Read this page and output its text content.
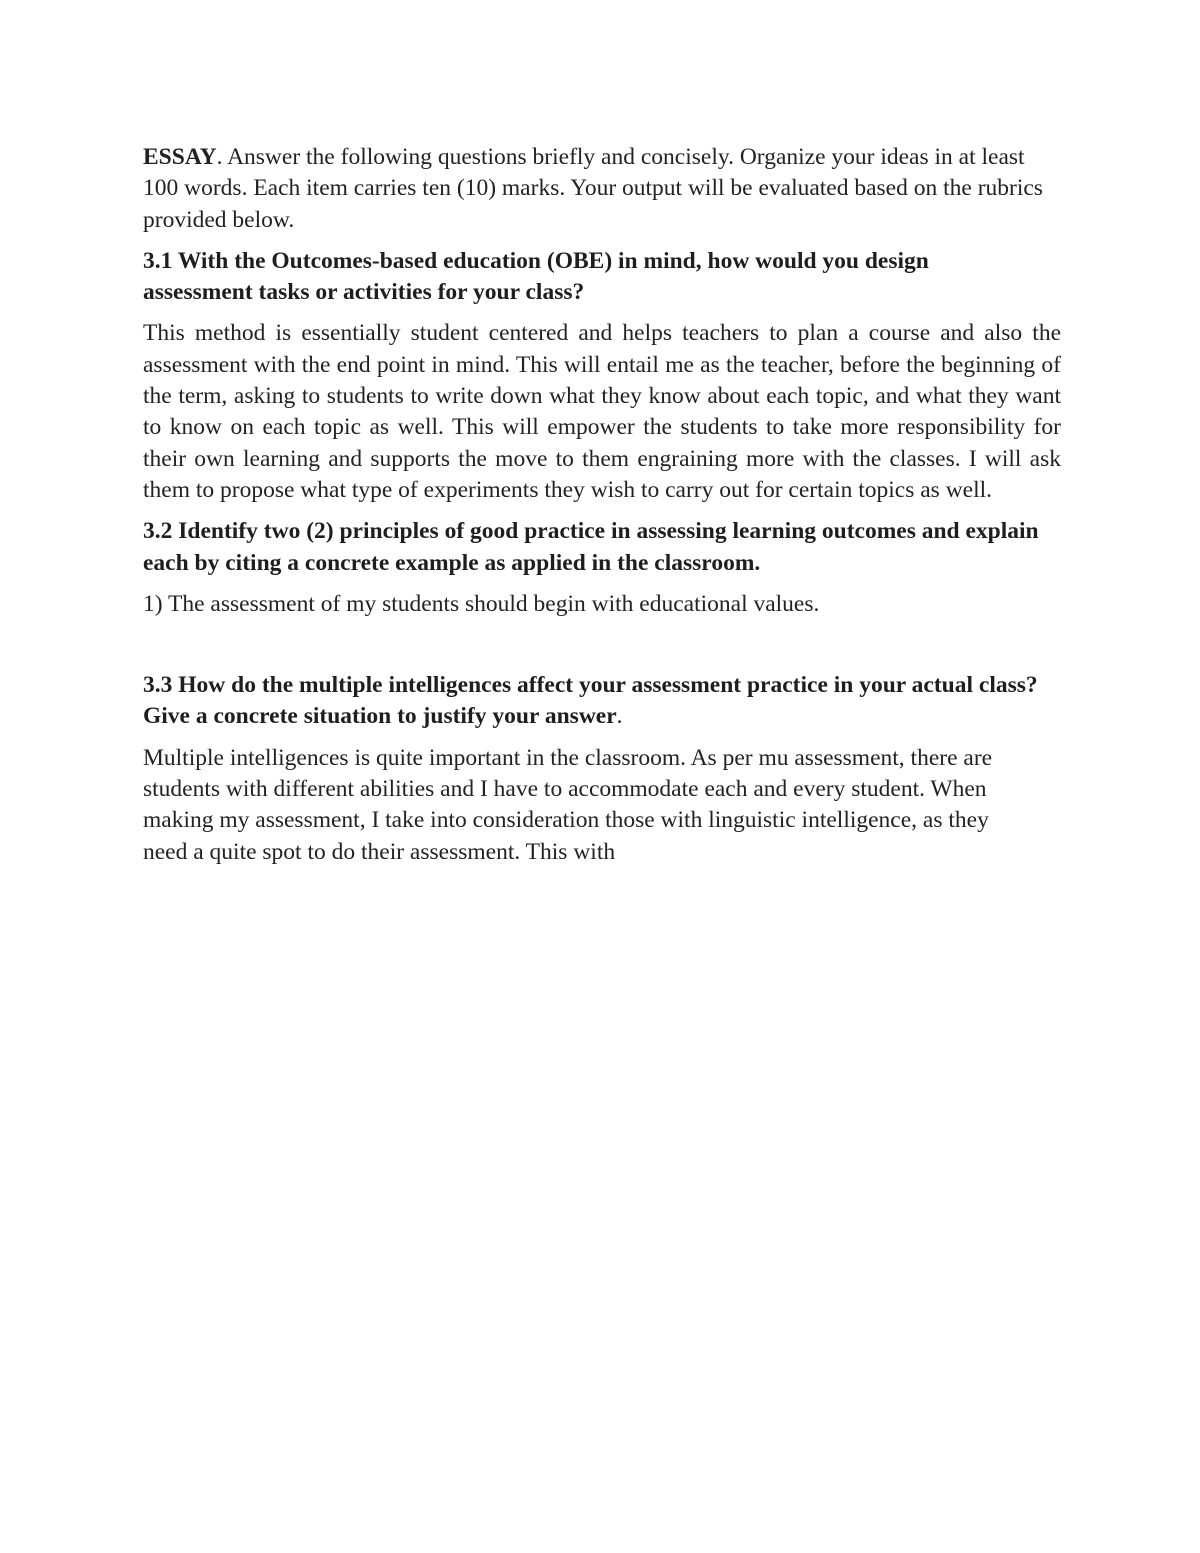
ESSAY. Answer the following questions briefly and concisely. Organize your ideas in at least 100 words. Each item carries ten (10) marks. Your output will be evaluated based on the rubrics provided below.

3.1 With the Outcomes-based education (OBE) in mind, how would you design assessment tasks or activities for your class?

This method is essentially student centered and helps teachers to plan a course and also the assessment with the end point in mind. This will entail me as the teacher, before the beginning of the term, asking to students to write down what they know about each topic, and what they want to know on each topic as well. This will empower the students to take more responsibility for their own learning and supports the move to them engraining more with the classes. I will ask them to propose what type of experiments they wish to carry out for certain topics as well.

3.2 Identify two (2) principles of good practice in assessing learning outcomes and explain each by citing a concrete example as applied in the classroom.

1) The assessment of my students should begin with educational values.

3.3 How do the multiple intelligences affect your assessment practice in your actual class? Give a concrete situation to justify your answer.

Multiple intelligences is quite important in the classroom. As per mu assessment, there are students with different abilities and I have to accommodate each and every student. When making my assessment, I take into consideration those with linguistic intelligence, as they need a quite spot to do their assessment. This with
